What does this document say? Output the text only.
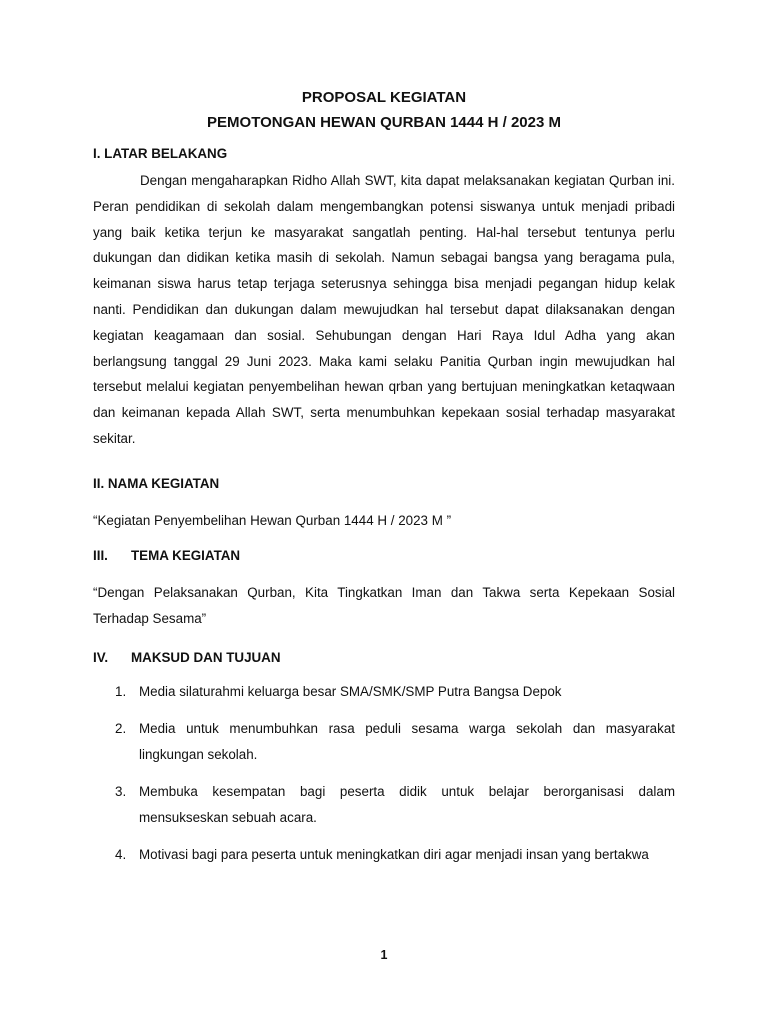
PROPOSAL KEGIATAN
PEMOTONGAN HEWAN QURBAN 1444 H / 2023 M
I. LATAR BELAKANG
Dengan mengaharapkan Ridho Allah SWT, kita dapat melaksanakan kegiatan Qurban ini. Peran pendidikan di sekolah dalam mengembangkan potensi siswanya untuk menjadi pribadi yang baik ketika terjun ke masyarakat sangatlah penting. Hal-hal tersebut tentunya perlu dukungan dan didikan ketika masih di sekolah. Namun sebagai bangsa yang beragama pula, keimanan siswa harus tetap terjaga seterusnya sehingga bisa menjadi pegangan hidup kelak nanti. Pendidikan dan dukungan dalam mewujudkan hal tersebut dapat dilaksanakan dengan kegiatan keagamaan dan sosial. Sehubungan dengan Hari Raya Idul Adha yang akan berlangsung tanggal 29 Juni 2023. Maka kami selaku Panitia Qurban ingin mewujudkan hal tersebut melalui kegiatan penyembelihan hewan qrban yang bertujuan meningkatkan ketaqwaan dan keimanan kepada Allah SWT, serta menumbuhkan kepekaan sosial terhadap masyarakat sekitar.
II. NAMA KEGIATAN
“Kegiatan Penyembelihan Hewan Qurban 1444 H / 2023 M ”
III. TEMA KEGIATAN
“Dengan Pelaksanakan Qurban, Kita Tingkatkan Iman dan Takwa serta Kepekaan Sosial Terhadap Sesama”
IV. MAKSUD DAN TUJUAN
1. Media silaturahmi keluarga besar SMA/SMK/SMP Putra Bangsa Depok
2. Media untuk menumbuhkan rasa peduli sesama warga sekolah dan masyarakat lingkungan sekolah.
3. Membuka kesempatan bagi peserta didik untuk belajar berorganisasi dalam mensukseskan sebuah acara.
4. Motivasi bagi para peserta untuk meningkatkan diri agar menjadi insan yang bertakwa
1
